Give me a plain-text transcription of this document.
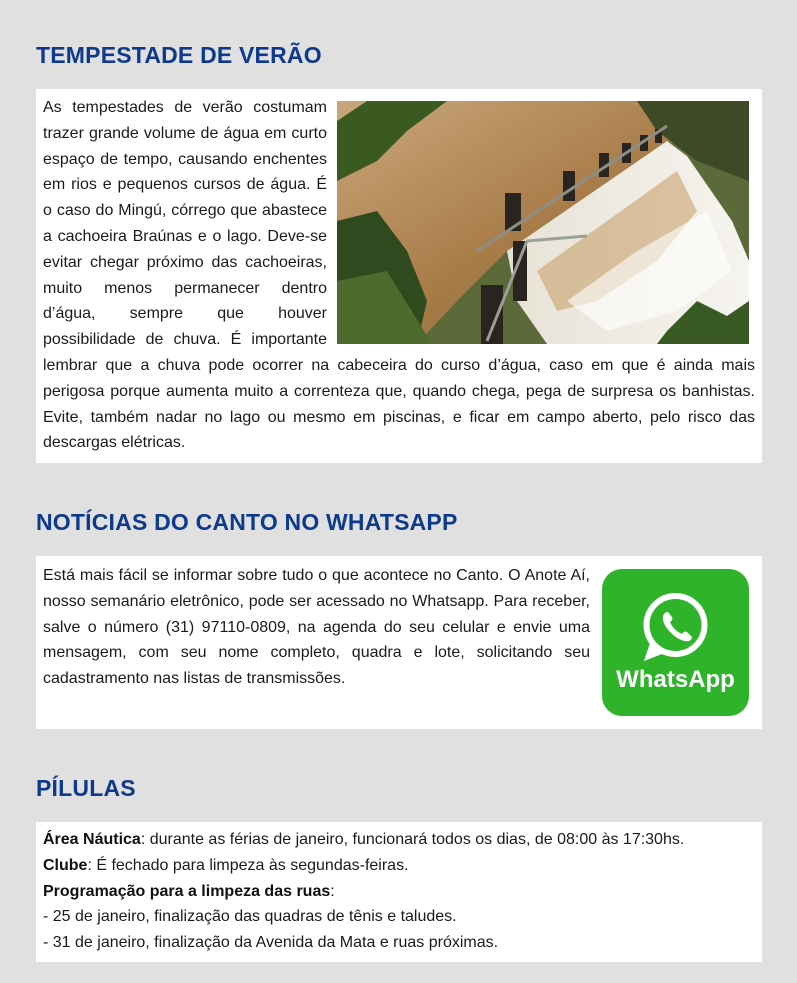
TEMPESTADE DE VERÃO
As tempestades de verão costumam trazer grande volume de água em curto espaço de tempo, causando enchentes em rios e pequenos cursos de água. É o caso do Mingú, córrego que abastece a cachoeira Braúnas e o lago. Deve-se evitar chegar próximo das cachoeiras, muito menos permanecer dentro d’água, sempre que houver possibilidade de chuva. É importante lembrar que a chuva pode ocorrer na cabeceira do curso d’água, caso em que é ainda mais perigosa porque aumenta muito a correnteza que, quando chega, pega de surpresa os banhistas. Evite, também nadar no lago ou mesmo em piscinas, e ficar em campo aberto, pelo risco das descargas elétricas.
NOTÍCIAS DO CANTO NO WHATSAPP
WhatsApp
Está mais fácil se informar sobre tudo o que acontece no Canto. O Anote Aí, nosso semanário eletrônico, pode ser acessado no Whatsapp. Para receber, salve o número (31) 97110-0809, na agenda do seu celular e envie uma mensagem, com seu nome completo, quadra e lote, solicitando seu cadastramento nas listas de transmissões.
PÍLULAS

Área Náutica: durante as férias de janeiro, funcionará todos os dias, de 08:00 às 17:30hs.

Clube: É fechado para limpeza às segundas-feiras.

Programação para a limpeza das ruas:

- 25 de janeiro, finalização das quadras de tênis e taludes.

- 31 de janeiro, finalização da Avenida da Mata e ruas próximas.
